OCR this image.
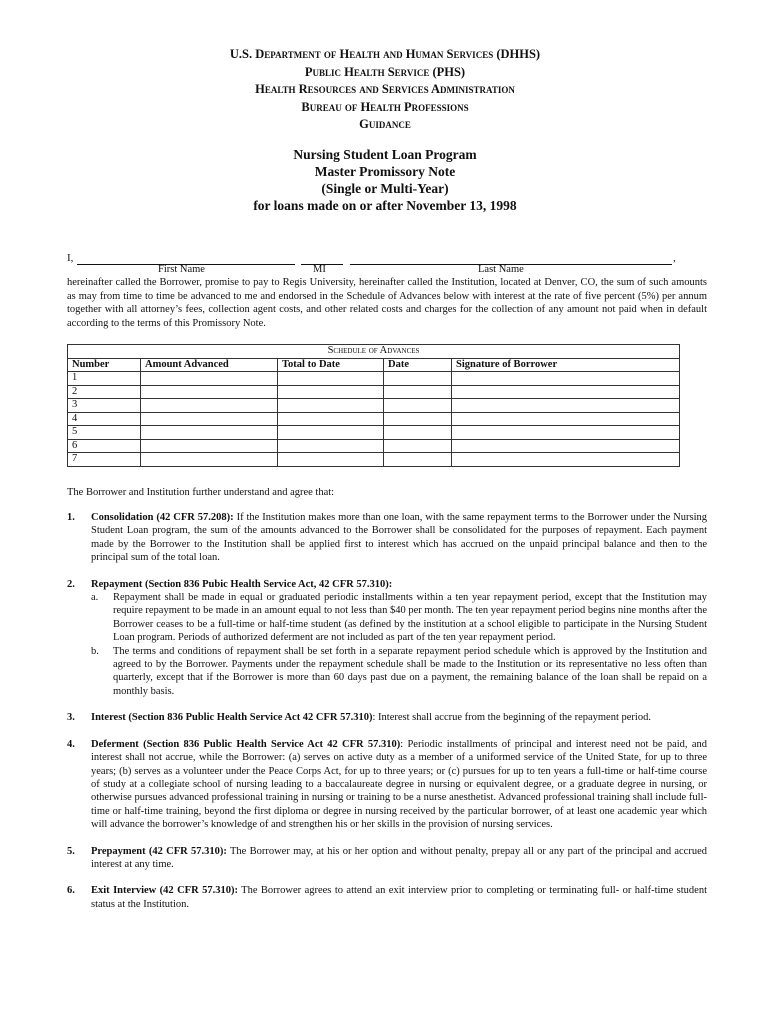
U.S. Department of Health and Human Services (DHHS)
Public Health Service (PHS)
Health Resources and Services Administration
Bureau of Health Professions
Guidance
Nursing Student Loan Program
Master Promissory Note
(Single or Multi-Year)
for loans made on or after November 13, 1998
I,	,
First Name	MI	Last Name
hereinafter called the Borrower, promise to pay to Regis University, hereinafter called the Institution, located at Denver, CO, the sum of such amounts as may from time to time be advanced to me and endorsed in the Schedule of Advances below with interest at the rate of five percent (5%) per annum together with all attorney’s fees, collection agent costs, and other related costs and charges for the collection of any amount not paid when in default according to the terms of this Promissory Note.
Schedule of Advances				
Number	Amount Advanced	Total to Date	Date	Signature of Borrower
1				
2				
3				
4				
5				
6				
7				
The Borrower and Institution further understand and agree that:
1. Consolidation (42 CFR 57.208): If the Institution makes more than one loan, with the same repayment terms to the Borrower under the Nursing Student Loan program, the sum of the amounts advanced to the Borrower shall be consolidated for the purposes of repayment. Each payment made by the Borrower to the Institution shall be applied first to interest which has accrued on the unpaid principal balance and then to the principal sum of the total loan.
2. Repayment (Section 836 Pubic Health Service Act, 42 CFR 57.310):
a. Repayment shall be made in equal or graduated periodic installments within a ten year repayment period, except that the Institution may require repayment to be made in an amount equal to not less than $40 per month. The ten year repayment period begins nine months after the Borrower ceases to be a full-time or half-time student (as defined by the institution at a school eligible to participate in the Nursing Student Loan program. Periods of authorized deferment are not included as part of the ten year repayment period.
b. The terms and conditions of repayment shall be set forth in a separate repayment period schedule which is approved by the Institution and agreed to by the Borrower. Payments under the repayment schedule shall be made to the Institution or its representative no less often than quarterly, except that if the Borrower is more than 60 days past due on a payment, the remaining balance of the loan shall be repaid on a monthly basis.
3. Interest (Section 836 Public Health Service Act 42 CFR 57.310): Interest shall accrue from the beginning of the repayment period.
4. Deferment (Section 836 Public Health Service Act 42 CFR 57.310): Periodic installments of principal and interest need not be paid, and interest shall not accrue, while the Borrower: (a) serves on active duty as a member of a uniformed service of the United State, for up to three years; (b) serves as a volunteer under the Peace Corps Act, for up to three years; or (c) pursues for up to ten years a full-time or half-time course of study at a collegiate school of nursing leading to a baccalaureate degree in nursing or equivalent degree, or a graduate degree in nursing, or otherwise pursues advanced professional training in nursing or training to be a nurse anesthetist. Advanced professional training shall include full-time or half-time training, beyond the first diploma or degree in nursing received by the particular borrower, of at least one academic year which will advance the borrower’s knowledge of and strengthen his or her skills in the provision of nursing services.
5. Prepayment (42 CFR 57.310): The Borrower may, at his or her option and without penalty, prepay all or any part of the principal and accrued interest at any time.
6. Exit Interview (42 CFR 57.310): The Borrower agrees to attend an exit interview prior to completing or terminating full- or half-time student status at the Institution.
